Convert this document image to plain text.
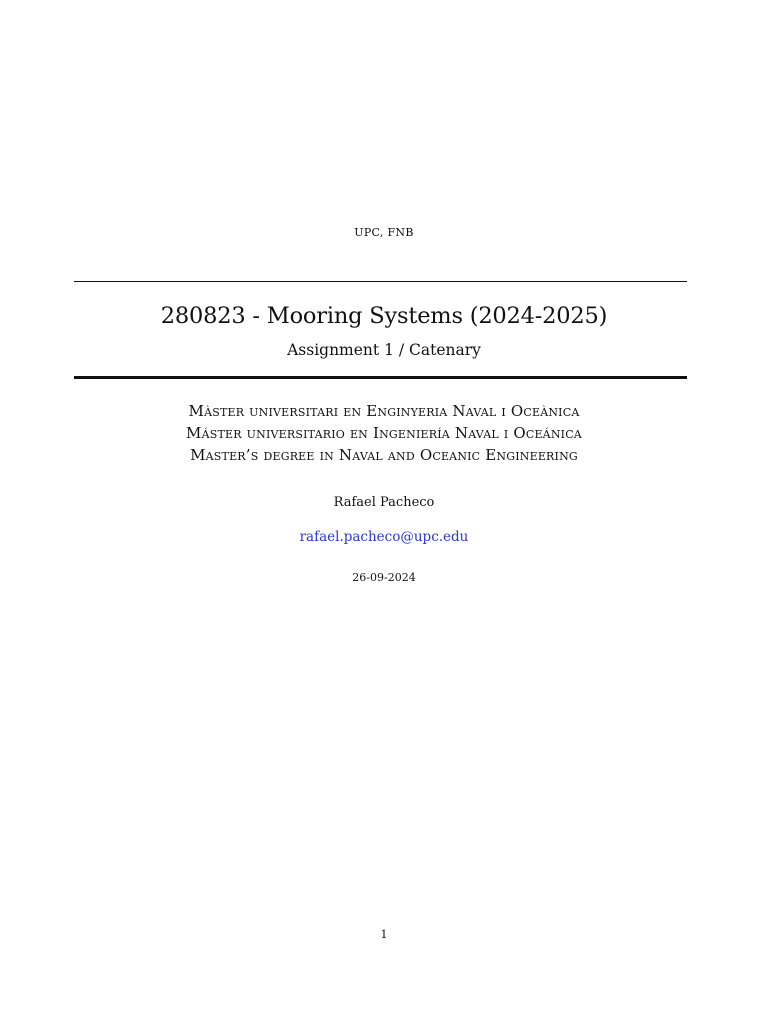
UPC, FNB
280823 - Mooring Systems (2024-2025)
Assignment 1 / Catenary
Màster universitari en Enginyeria Naval i Oceànica
Máster universitario en Ingeniería Naval i Oceánica
Master’s degree in Naval and Oceanic Engineering
Rafael Pacheco
rafael.pacheco@upc.edu
26-09-2024
1
